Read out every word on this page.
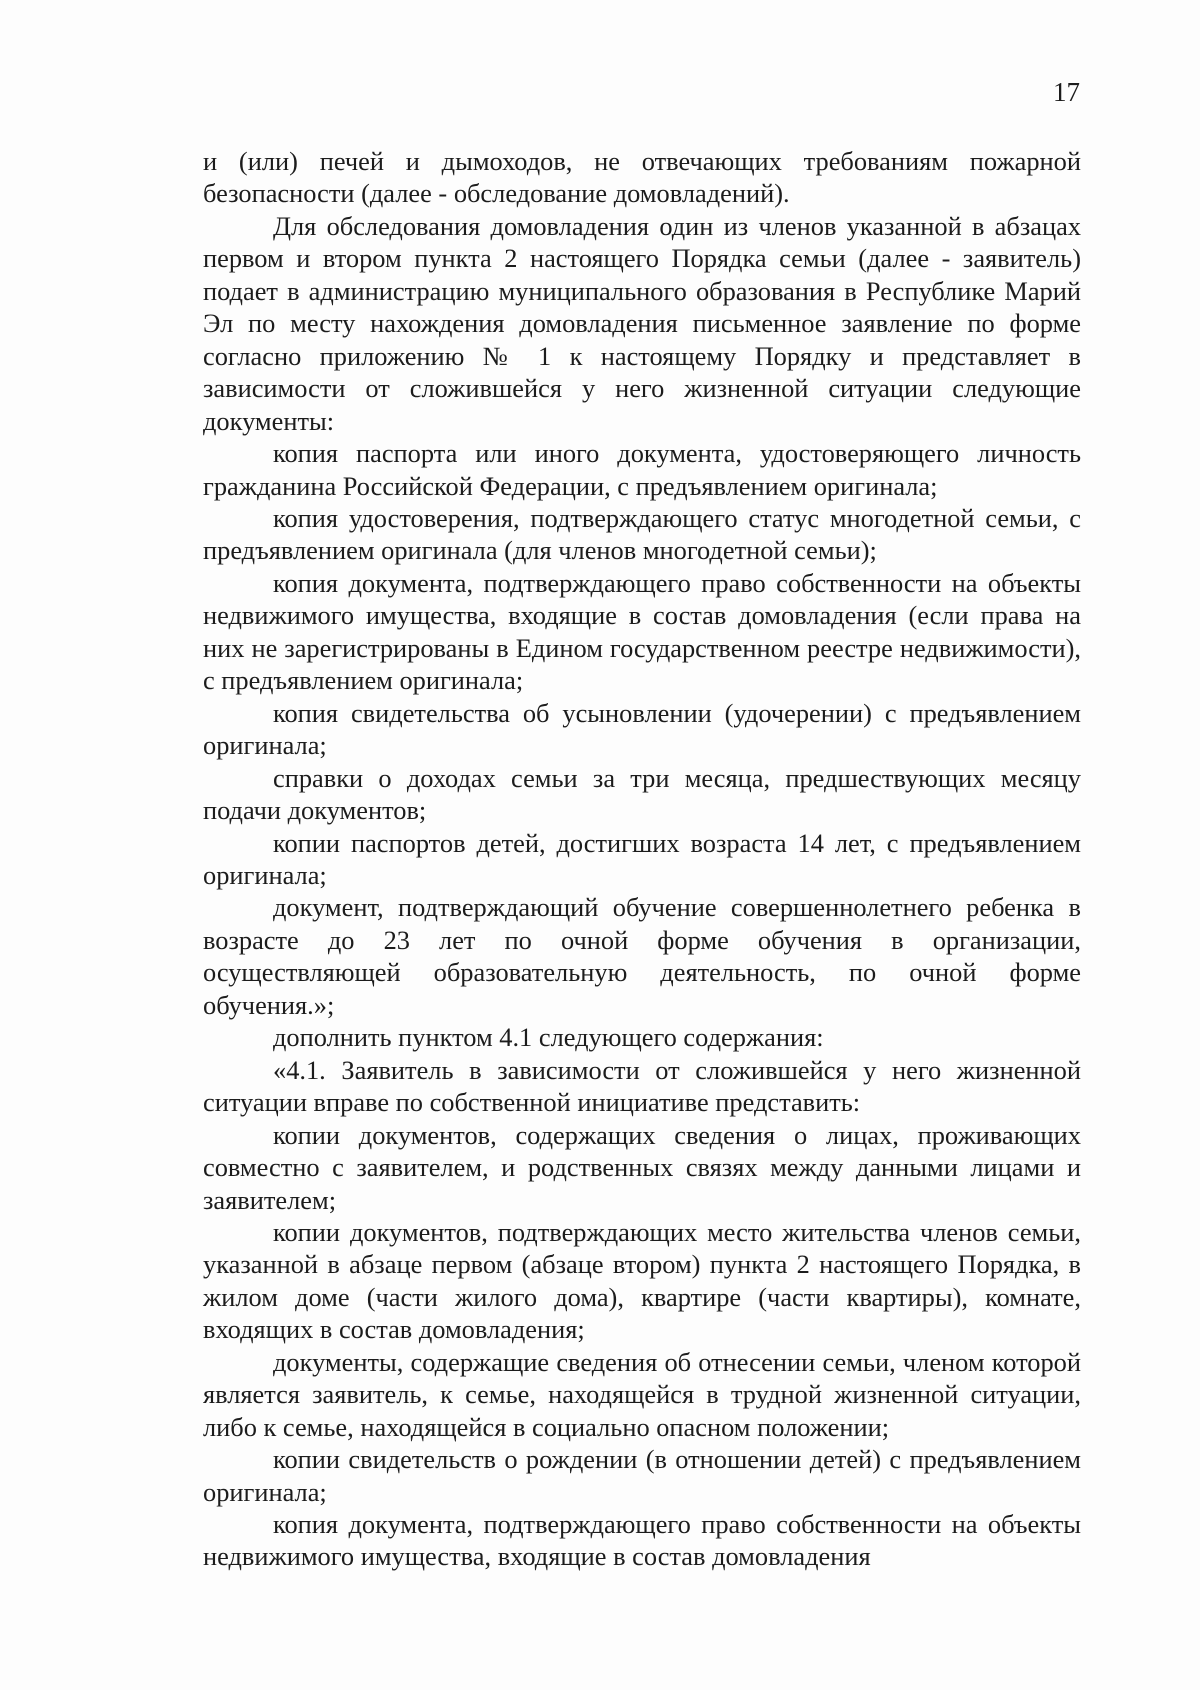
17

и (или) печей и дымоходов, не отвечающих требованиям пожарной безопасности (далее - обследование домовладений).

Для обследования домовладения один из членов указанной в абзацах первом и втором пункта 2 настоящего Порядка семьи (далее - заявитель) подает в администрацию муниципального образования в Республике Марий Эл по месту нахождения домовладения письменное заявление по форме согласно приложению № 1 к настоящему Порядку и представляет в зависимости от сложившейся у него жизненной ситуации следующие документы:

копия паспорта или иного документа, удостоверяющего личность гражданина Российской Федерации, с предъявлением оригинала;

копия удостоверения, подтверждающего статус многодетной семьи, с предъявлением оригинала (для членов многодетной семьи);

копия документа, подтверждающего право собственности на объекты недвижимого имущества, входящие в состав домовладения (если права на них не зарегистрированы в Едином государственном реестре недвижимости), с предъявлением оригинала;

копия свидетельства об усыновлении (удочерении) с предъявлением оригинала;

справки о доходах семьи за три месяца, предшествующих месяцу подачи документов;

копии паспортов детей, достигших возраста 14 лет, с предъявлением оригинала;

документ, подтверждающий обучение совершеннолетнего ребенка в возрасте до 23 лет по очной форме обучения в организации, осуществляющей образовательную деятельность, по очной форме обучения.»;

дополнить пунктом 4.1 следующего содержания:

«4.1. Заявитель в зависимости от сложившейся у него жизненной ситуации вправе по собственной инициативе представить:

копии документов, содержащих сведения о лицах, проживающих совместно с заявителем, и родственных связях между данными лицами и заявителем;

копии документов, подтверждающих место жительства членов семьи, указанной в абзаце первом (абзаце втором) пункта 2 настоящего Порядка, в жилом доме (части жилого дома), квартире (части квартиры), комнате, входящих в состав домовладения;

документы, содержащие сведения об отнесении семьи, членом которой является заявитель, к семье, находящейся в трудной жизненной ситуации, либо к семье, находящейся в социально опасном положении;

копии свидетельств о рождении (в отношении детей) с предъявлением оригинала;

копия документа, подтверждающего право собственности на объекты недвижимого имущества, входящие в состав домовладения
